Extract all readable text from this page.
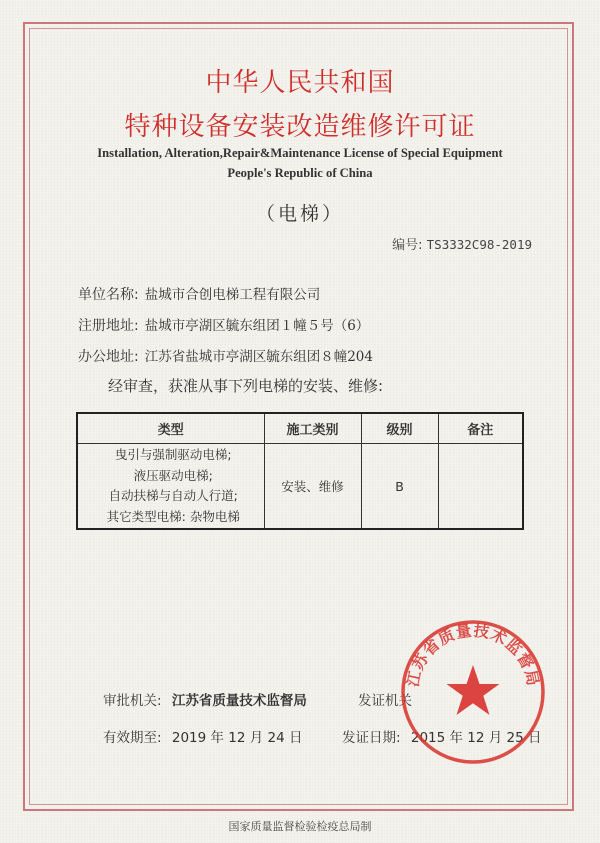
中华人民共和国
特种设备安装改造维修许可证
Installation, Alteration,Repair&Maintenance License of Special Equipment
People's Republic of China
（电梯）
编号: TS3332C98-2019
单位名称: 盐城市合创电梯工程有限公司
注册地址: 盐城市亭湖区毓东组团１幢５号（6）
办公地址: 江苏省盐城市亭湖区毓东组团８幢204
经审查，获准从事下列电梯的安装、维修:
类型	施工类别	级别	备注

曳引与强制驱动电梯;
液压驱动电梯;
自动扶梯与自动人行道;
其它类型电梯: 杂物电梯	安装、维修	B	
审批机关: 江苏省质量技术监督局	发证机关
有效期至: 2019 年 12 月 24 日	发证日期: 2015 年 12 月 25 日
江苏省质量技术监督局
国家质量监督检验检疫总局制
